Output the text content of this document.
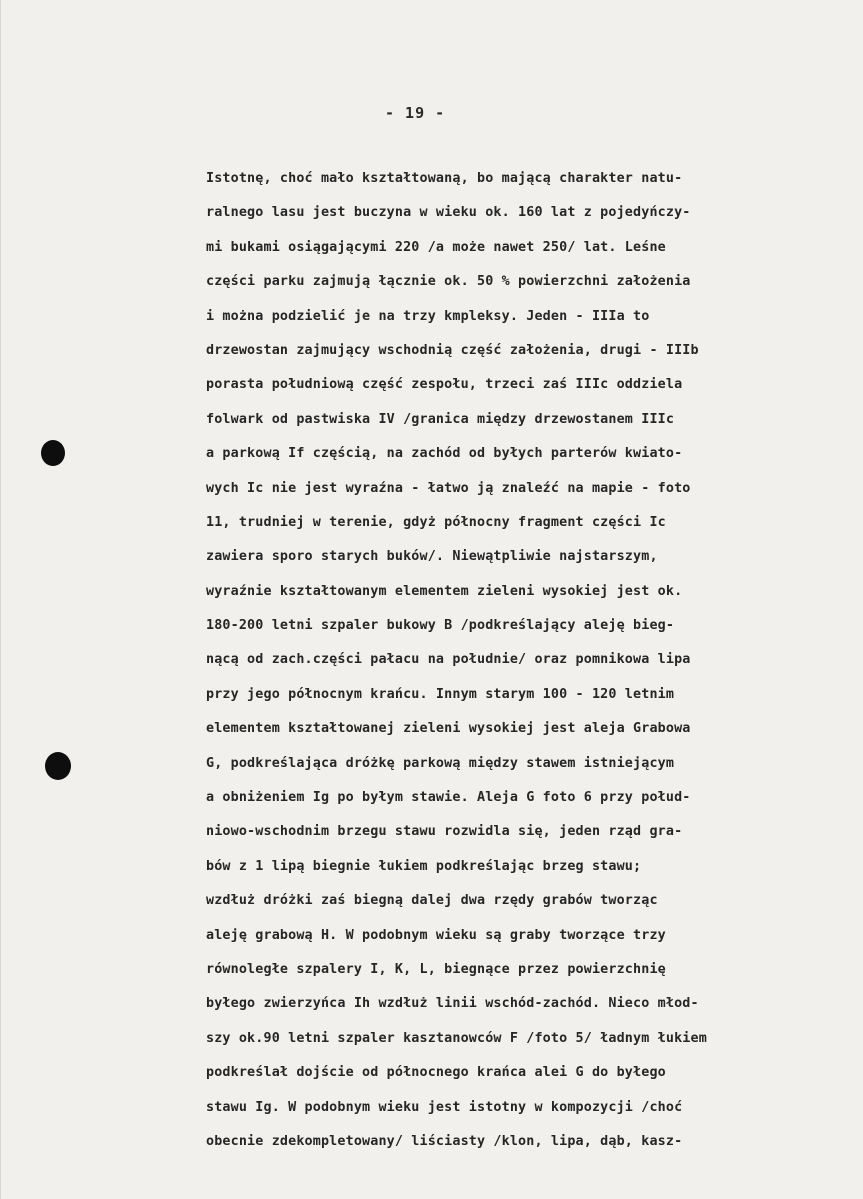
- 19 -
Istotnę, choć mało kształtowaną, bo mającą charakter natu-
ralnego lasu jest buczyna w wieku ok. 160 lat z pojedyńczy-
mi bukami osiągającymi 220 /a może nawet 250/ lat. Leśne
części parku zajmują łącznie ok. 50 % powierzchni założenia
i można podzielić je na trzy kmpleksy. Jeden - IIIa to
drzewostan zajmujący wschodnią część założenia, drugi - IIIb
porasta południową część zespołu, trzeci zaś IIIc oddziela
folwark od pastwiska IV /granica między drzewostanem IIIc
a parkową If częścią, na zachód od byłych parterów kwiato-
wych Ic nie jest wyraźna - łatwo ją znaleźć na mapie - foto
11, trudniej w terenie, gdyż północny fragment części Ic
zawiera sporo starych buków/. Niewątpliwie najstarszym,
wyraźnie kształtowanym elementem zieleni wysokiej jest ok.
180-200 letni szpaler bukowy B /podkreślający aleję bieg-
nącą od zach.części pałacu na południe/ oraz pomnikowa lipa
przy jego północnym krańcu. Innym starym 100 - 120 letnim
elementem kształtowanej zieleni wysokiej jest aleja Grabowa
G, podkreślająca dróżkę parkową między stawem istniejącym
a obniżeniem Ig po byłym stawie. Aleja G foto 6 przy połud-
niowo-wschodnim brzegu stawu rozwidla się, jeden rząd gra-
bów z 1 lipą biegnie łukiem podkreślając brzeg stawu;
wzdłuż dróżki zaś biegną dalej dwa rzędy grabów tworząc
aleję grabową H. W podobnym wieku są graby tworzące trzy
równoległe szpalery I, K, L, biegnące przez powierzchnię
byłego zwierzyńca Ih wzdłuż linii wschód-zachód. Nieco młod-
szy ok.90 letni szpaler kasztanowców F /foto 5/ ładnym łukiem
podkreślał dojście od północnego krańca alei G do byłego
stawu Ig. W podobnym wieku jest istotny w kompozycji /choć
obecnie zdekompletowany/ liściasty /klon, lipa, dąb, kasz-
